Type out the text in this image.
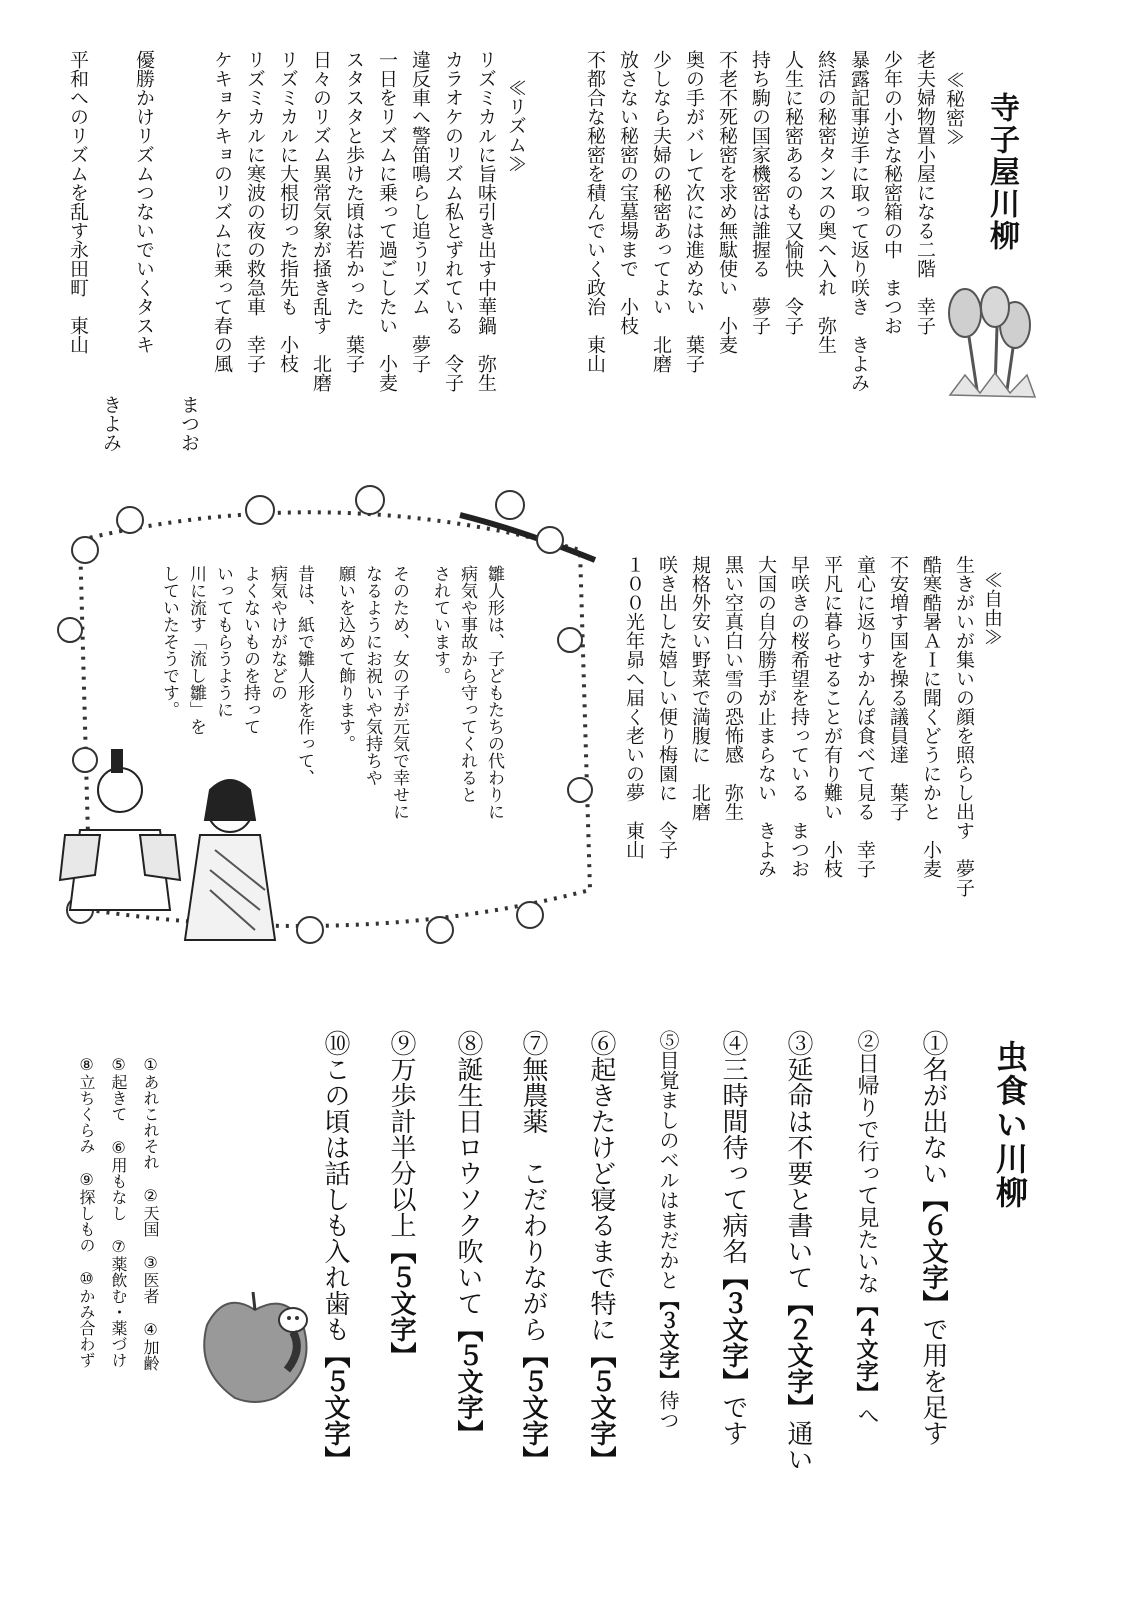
寺子屋川柳
≪秘密≫
老夫婦物置小屋になる二階　幸子
少年の小さな秘密箱の中　まつお
暴露記事逆手に取って返り咲き　きよみ
終活の秘密タンスの奥へ入れ　弥生
人生に秘密あるのも又愉快　令子
持ち駒の国家機密は誰握る　夢子
不老不死秘密を求め無駄使い　小麦
奥の手がバレて次には進めない　葉子
少しなら夫婦の秘密あってよい　北磨
放さない秘密の宝墓場まで　小枝
不都合な秘密を積んでいく政治　東山
≪リズム≫
リズミカルに旨味引き出す中華鍋　弥生
カラオケのリズム私とずれている　令子
違反車へ警笛鳴らし追うリズム　夢子
一日をリズムに乗って過ごしたい　小麦
スタスタと歩けた頃は若かった　葉子
日々のリズム異常気象が掻き乱す　北磨
リズミカルに大根切った指先も　小枝
リズミカルに寒波の夜の救急車　幸子
ケキョケキョのリズムに乗って春の風
まつお
優勝かけリズムつないでいくタスキ
きよみ
平和へのリズムを乱す永田町　東山
≪自由≫
生きがいが集いの顔を照らし出す　夢子
酷寒酷暑ＡＩに聞くどうにかと　小麦
不安増す国を操る議員達　葉子
童心に返りすかんぽ食べて見る　幸子
平凡に暮らせることが有り難い　小枝
早咲きの桜希望を持っている　まつお
大国の自分勝手が止まらない　きよみ
黒い空真白い雪の恐怖感　弥生
規格外安い野菜で満腹に　北磨
咲き出した嬉しい便り梅園に　令子
１００光年昴へ届く老いの夢　東山
雛人形は、子どもたちの代わりに
病気や事故から守ってくれると
されています。
そのため、女の子が元気で幸せに
なるようにお祝いや気持ちや
願いを込めて飾ります。
昔は、紙で雛人形を作って、
病気やけがなどの
よくないものを持って
いってもらうように
川に流す「流し雛」を
していたそうです。
虫食い川柳
①名が出ない【６文字】で用を足す
②日帰りで行って見たいな【４文字】へ
③延命は不要と書いて【２文字】通い
④三時間待って病名【３文字】です
⑤目覚ましのベルはまだかと【３文字】待つ
⑥起きたけど寝るまで特に【５文字】
⑦無農薬　こだわりながら【５文字】
⑧誕生日ロウソク吹いて【５文字】
⑨万歩計半分以上【５文字】
⑩この頃は話しも入れ歯も【５文字】
①あれこれそれ　②天国　③医者　④加齢
⑤起きて　⑥用もなし　⑦薬飲む・薬づけ
⑧立ちくらみ　⑨探しもの　⑩かみ合わず
